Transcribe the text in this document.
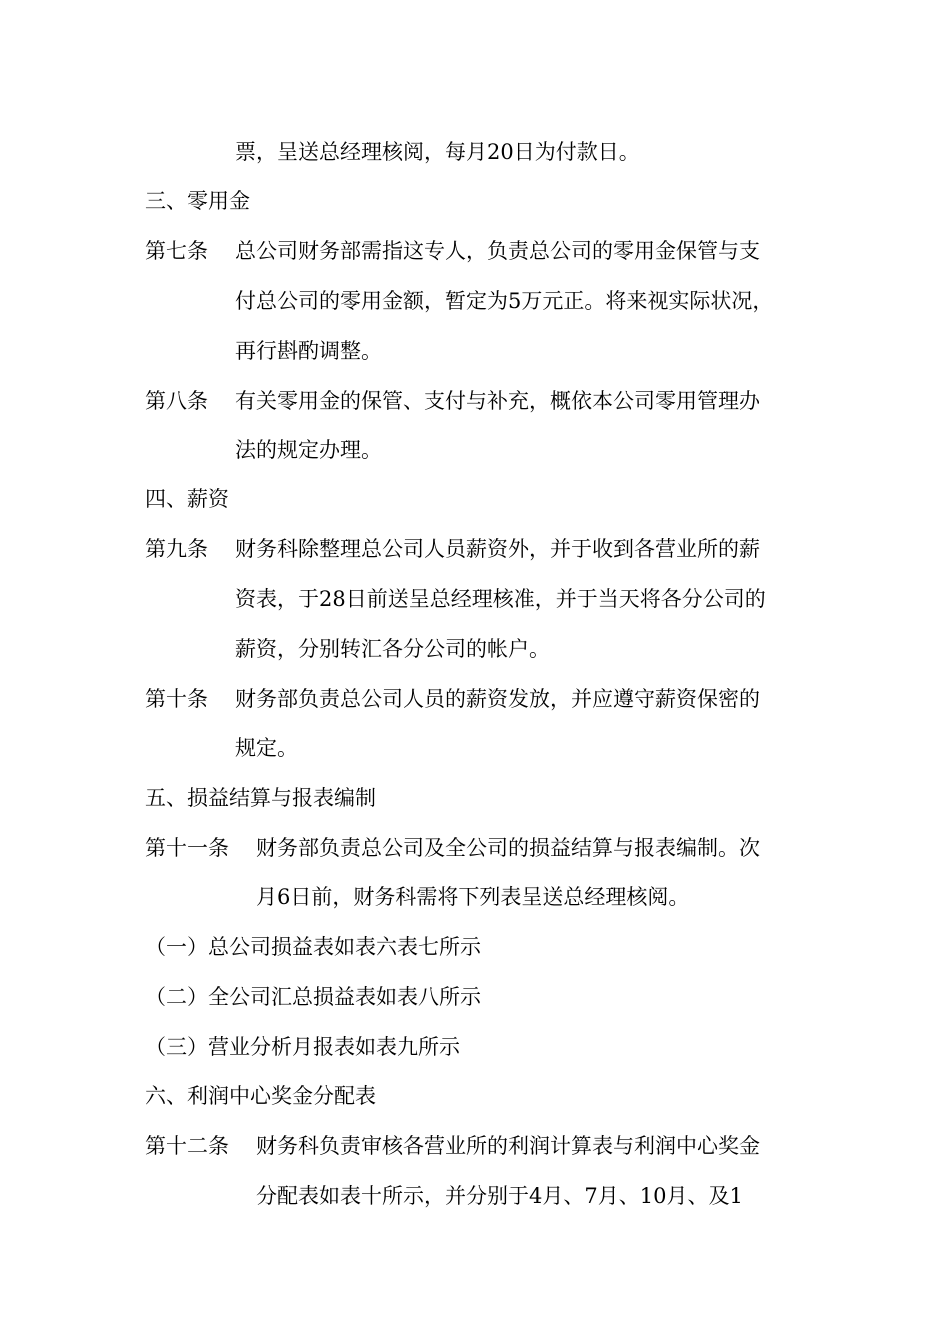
票，呈送总经理核阅，每月20日为付款日。
三、零用金
第七条 总公司财务部需指这专人，负责总公司的零用金保管与支
付总公司的零用金额，暂定为5万元正。将来视实际状况，
再行斟酌调整。
第八条 有关零用金的保管、支付与补充，概依本公司零用管理办
法的规定办理。
四、薪资
第九条 财务科除整理总公司人员薪资外，并于收到各营业所的薪
资表，于28日前送呈总经理核准，并于当天将各分公司的
薪资，分别转汇各分公司的帐户。
第十条 财务部负责总公司人员的薪资发放，并应遵守薪资保密的
规定。
五、损益结算与报表编制
第十一条 财务部负责总公司及全公司的损益结算与报表编制。次
月6日前，财务科需将下列表呈送总经理核阅。
（一）总公司损益表如表六表七所示
（二）全公司汇总损益表如表八所示
（三）营业分析月报表如表九所示
六、利润中心奖金分配表
第十二条 财务科负责审核各营业所的利润计算表与利润中心奖金
分配表如表十所示，并分别于4月、7月、10月、及1
